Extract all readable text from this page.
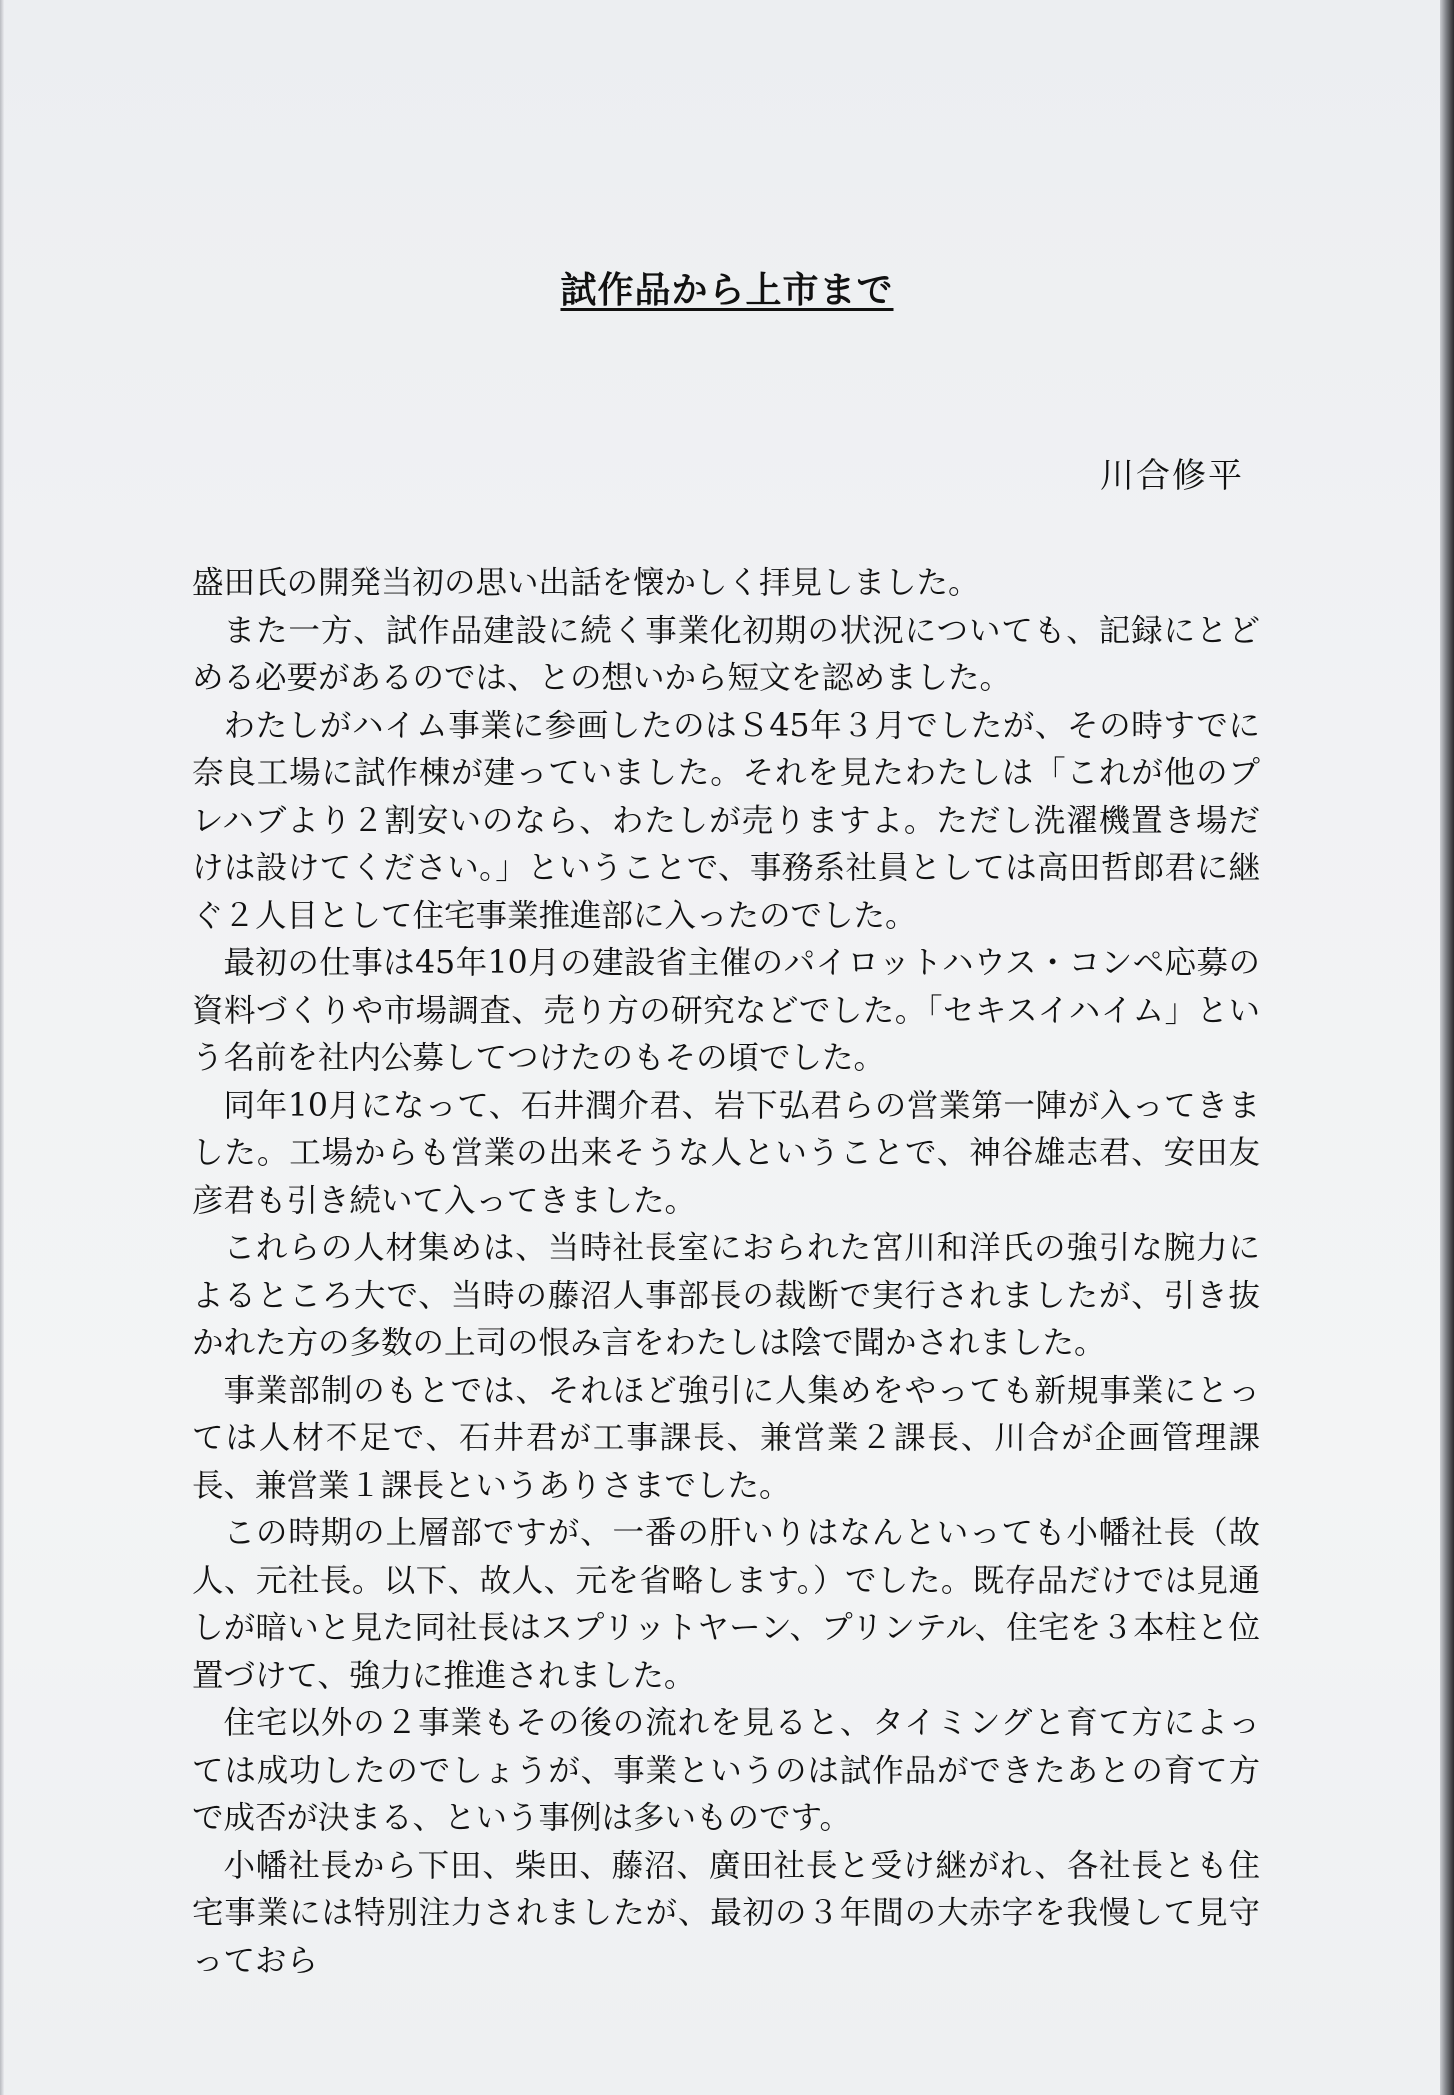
試作品から上市まで
川合修平

盛田氏の開発当初の思い出話を懐かしく拝見しました。

また一方、試作品建設に続く事業化初期の状況についても、記録にとどめる必要があるのでは、との想いから短文を認めました。

わたしがハイム事業に参画したのはＳ45年３月でしたが、その時すでに奈良工場に試作棟が建っていました。それを見たわたしは「これが他のプレハブより２割安いのなら、わたしが売りますよ。ただし洗濯機置き場だけは設けてください。」ということで、事務系社員としては高田哲郎君に継ぐ２人目として住宅事業推進部に入ったのでした。

最初の仕事は45年10月の建設省主催のパイロットハウス・コンペ応募の資料づくりや市場調査、売り方の研究などでした。「セキスイハイム」という名前を社内公募してつけたのもその頃でした。

同年10月になって、石井潤介君、岩下弘君らの営業第一陣が入ってきました。工場からも営業の出来そうな人ということで、神谷雄志君、安田友彦君も引き続いて入ってきました。

これらの人材集めは、当時社長室におられた宮川和洋氏の強引な腕力によるところ大で、当時の藤沼人事部長の裁断で実行されましたが、引き抜かれた方の多数の上司の恨み言をわたしは陰で聞かされました。

事業部制のもとでは、それほど強引に人集めをやっても新規事業にとっては人材不足で、石井君が工事課長、兼営業２課長、川合が企画管理課長、兼営業１課長というありさまでした。

この時期の上層部ですが、一番の肝いりはなんといっても小幡社長（故人、元社長。以下、故人、元を省略します。）でした。既存品だけでは見通しが暗いと見た同社長はスプリットヤーン、プリンテル、住宅を３本柱と位置づけて、強力に推進されました。

住宅以外の２事業もその後の流れを見ると、タイミングと育て方によっては成功したのでしょうが、事業というのは試作品ができたあとの育て方で成否が決まる、という事例は多いものです。

小幡社長から下田、柴田、藤沼、廣田社長と受け継がれ、各社長とも住宅事業には特別注力されましたが、最初の３年間の大赤字を我慢して見守っておら
